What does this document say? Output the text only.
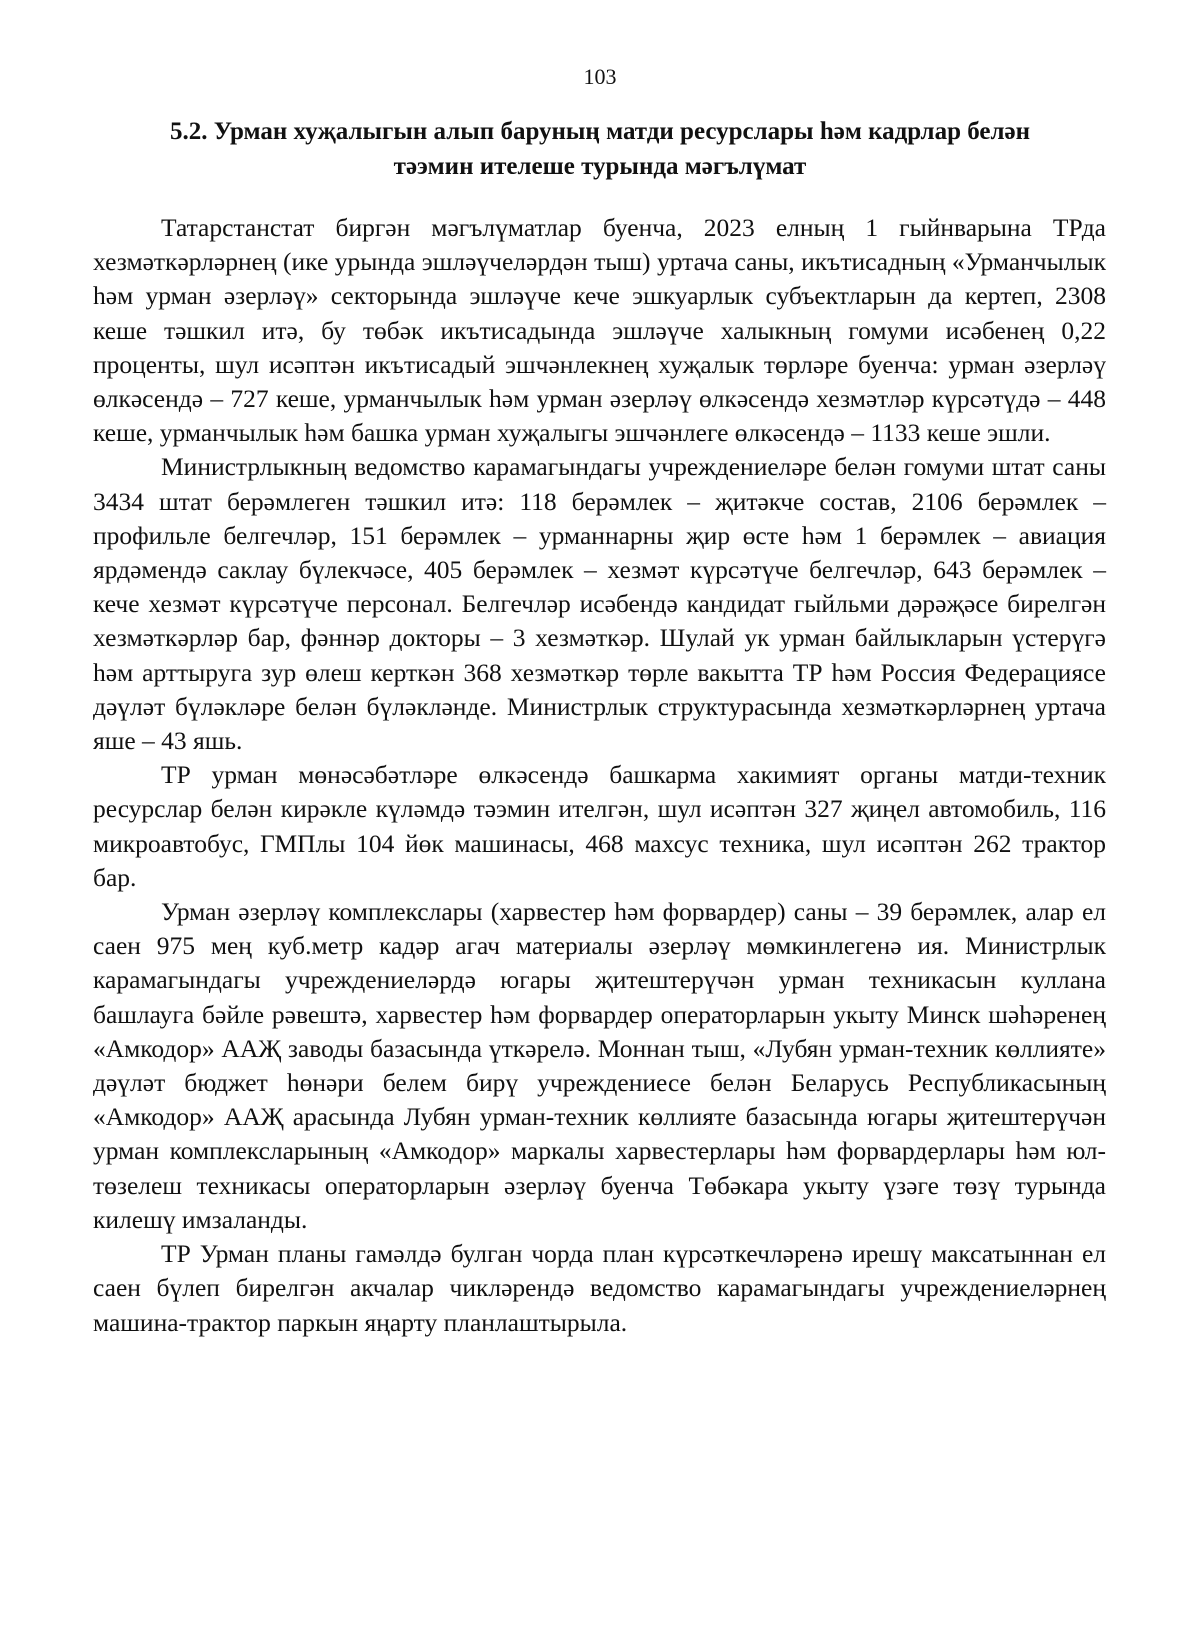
103
5.2. Урман хуҗалыгын алып баруның матди ресурслары һәм кадрлар белән
тәэмин ителеше турында мәгълүмат

Татарстанстат биргән мәгълүматлар буенча, 2023 елның 1 гыйнварына ТРда хезмәткәрләрнең (ике урында эшләүчеләрдән тыш) уртача саны, икътисадның «Урманчылык һәм урман әзерләү» секторында эшләүче кече эшкуарлык субъектларын да кертеп, 2308 кеше тәшкил итә, бу төбәк икътисадында эшләүче халыкның гомуми исәбенең 0,22 проценты, шул исәптән икътисадый эшчәнлекнең хуҗалык төрләре буенча: урман әзерләү өлкәсендә – 727 кеше, урманчылык һәм урман әзерләү өлкәсендә хезмәтләр күрсәтүдә – 448 кеше, урманчылык һәм башка урман хуҗалыгы эшчәнлеге өлкәсендә – 1133 кеше эшли.

Министрлыкның ведомство карамагындагы учреждениеләре белән гомуми штат саны 3434 штат берәмлеген тәшкил итә: 118 берәмлек – җитәкче состав, 2106 берәмлек – профильле белгечләр, 151 берәмлек – урманнарны җир өсте һәм 1 берәмлек – авиация ярдәмендә саклау бүлекчәсе, 405 берәмлек – хезмәт күрсәтүче белгечләр, 643 берәмлек – кече хезмәт күрсәтүче персонал. Белгечләр исәбендә кандидат гыйльми дәрәҗәсе бирелгән хезмәткәрләр бар, фәннәр докторы – 3 хезмәткәр. Шулай ук урман байлыкларын үстерүгә һәм арттыруга зур өлеш керткән 368 хезмәткәр төрле вакытта ТР һәм Россия Федерациясе дәүләт бүләкләре белән бүләкләнде. Министрлык структурасында хезмәткәрләрнең уртача яше – 43 яшь.

ТР урман мөнәсәбәтләре өлкәсендә башкарма хакимият органы матди-техник ресурслар белән кирәкле күләмдә тәэмин ителгән, шул исәптән 327 җиңел автомобиль, 116 микроавтобус, ГМПлы 104 йөк машинасы, 468 махсус техника, шул исәптән 262 трактор бар.

Урман әзерләү комплекслары (харвестер һәм форвардер) саны – 39 берәмлек, алар ел саен 975 мең куб.метр кадәр агач материалы әзерләү мөмкинлегенә ия. Министрлык карамагындагы учреждениеләрдә югары җитештерүчән урман техникасын куллана башлауга бәйле рәвештә, харвестер һәм форвардер операторларын укыту Минск шәһәренең «Амкодор» ААҖ заводы базасында үткәрелә. Моннан тыш, «Лубян урман-техник көллияте» дәүләт бюджет һөнәри белем бирү учреждениесе белән Беларусь Республикасының «Амкодор» ААҖ арасында Лубян урман-техник көллияте базасында югары җитештерүчән урман комплексларының «Амкодор» маркалы харвестерлары һәм форвардерлары һәм юл-төзелеш техникасы операторларын әзерләү буенча Төбәкара укыту үзәге төзү турында килешү имзаланды.

ТР Урман планы гамәлдә булган чорда план күрсәткечләренә ирешү максатыннан ел саен бүлеп бирелгән акчалар чикләрендә ведомство карамагындагы учреждениеләрнең машина-трактор паркын яңарту планлаштырыла.
